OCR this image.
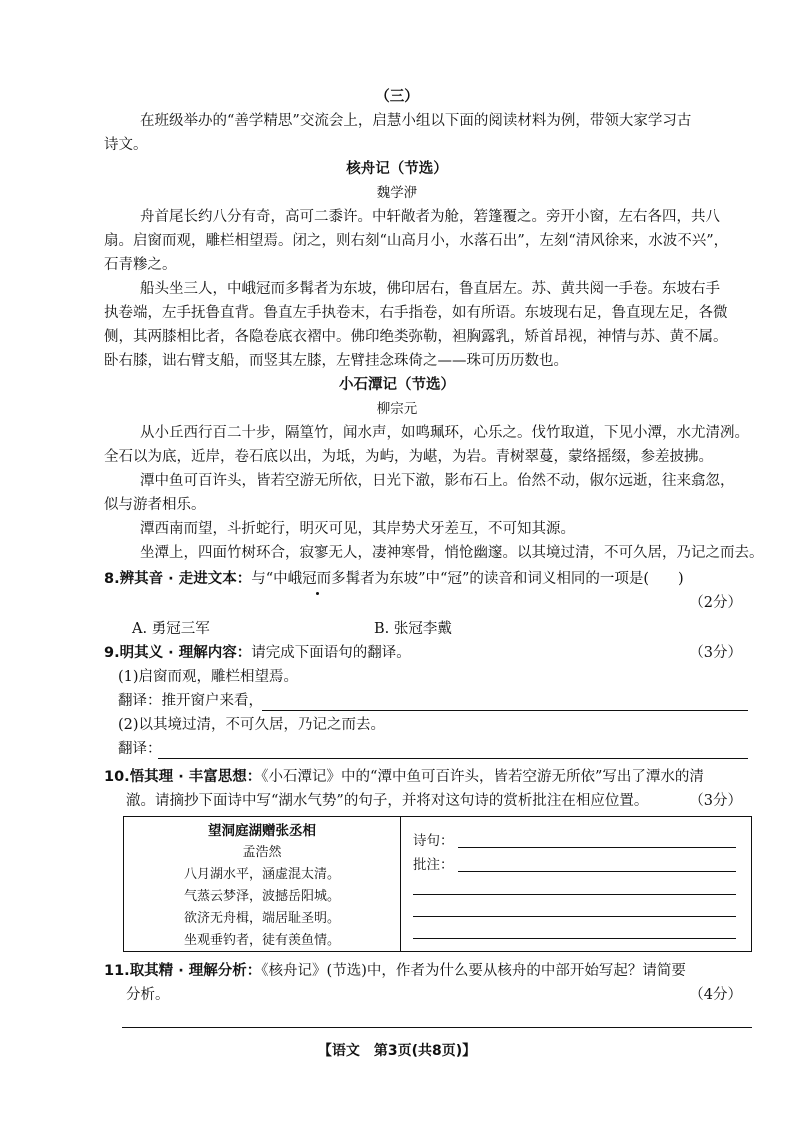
（三）
在班级举办的“善学精思”交流会上，启慧小组以下面的阅读材料为例，带领大家学习古
诗文。
核舟记（节选）
魏学洢
舟首尾长约八分有奇，高可二黍许。中轩敞者为舱，箬篷覆之。旁开小窗，左右各四，共八
扇。启窗而观，雕栏相望焉。闭之，则右刻“山高月小，水落石出”，左刻“清风徐来，水波不兴”，
石青糁之。
船头坐三人，中峨冠而多髯者为东坡，佛印居右，鲁直居左。苏、黄共阅一手卷。东坡右手
执卷端，左手抚鲁直背。鲁直左手执卷末，右手指卷，如有所语。东坡现右足，鲁直现左足，各微
侧，其两膝相比者，各隐卷底衣褶中。佛印绝类弥勒，袒胸露乳，矫首昂视，神情与苏、黄不属。
卧右膝，诎右臂支船，而竖其左膝，左臂挂念珠倚之——珠可历历数也。
小石潭记（节选）
柳宗元
从小丘西行百二十步，隔篁竹，闻水声，如鸣珮环，心乐之。伐竹取道，下见小潭，水尤清冽。
全石以为底，近岸，卷石底以出，为坻，为屿，为嵁，为岩。青树翠蔓，蒙络摇缀，参差披拂。
潭中鱼可百许头，皆若空游无所依，日光下澈，影布石上。佁然不动，俶尔远逝，往来翕忽，
似与游者相乐。
潭西南而望，斗折蛇行，明灭可见，其岸势犬牙差互，不可知其源。
坐潭上，四面竹树环合，寂寥无人，凄神寒骨，悄怆幽邃。以其境过清，不可久居，乃记之而去。
8.辨其音 · 走进文本：与“中峨冠而多髯者为东坡”中“冠”的读音和词义相同的一项是(　　)
（2分）
A. 勇冠三军	B. 张冠李戴
9.明其义 · 理解内容：请完成下面语句的翻译。	（3分）
(1)启窗而观，雕栏相望焉。
翻译：推开窗户来看，
(2)以其境过清，不可久居，乃记之而去。
翻译：
10.悟其理 · 丰富思想：《小石潭记》中的“潭中鱼可百许头，皆若空游无所依”写出了潭水的清
澈。请摘抄下面诗中写“湖水气势”的句子，并将对这句诗的赏析批注在相应位置。	（3分）
望洞庭湖赠张丞相
孟浩然
八月湖水平，涵虚混太清。
气蒸云梦泽，波撼岳阳城。
欲济无舟楫，端居耻圣明。
坐观垂钓者，徒有羡鱼情。
诗句：
批注：
11.取其精 · 理解分析：《核舟记》(节选)中，作者为什么要从核舟的中部开始写起？请简要
分析。	（4分）
【语文　第3页(共8页)】
